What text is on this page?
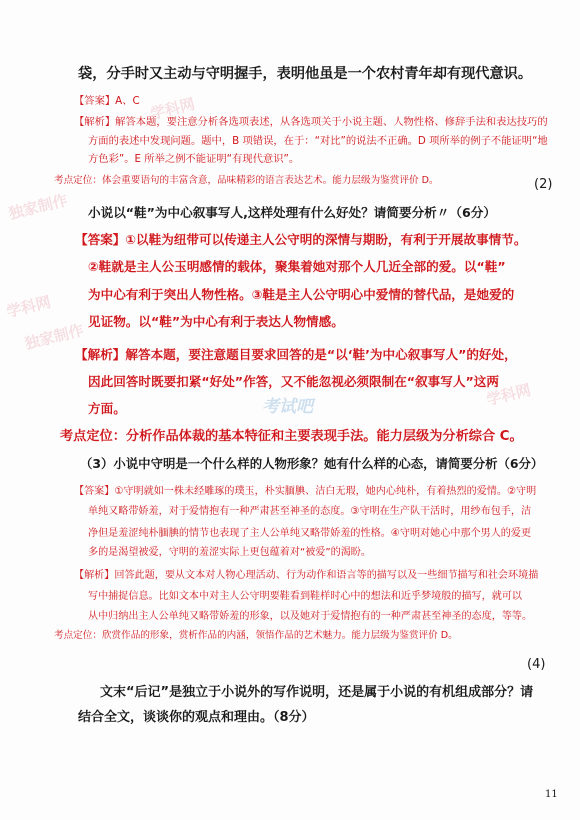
学科网
独家制作
学科网
独家制作
考试吧	学科网
袋，分手时又主动与守明握手，表明他虽是一个农村青年却有现代意识。
【答案】A、C
【解析】解答本题，要注意分析各选项表述，从各选项关于小说主题、人物性格、修辞手法和表达技巧的
方面的表述中发现问题。题中，B 项错误，在于：“对比”的说法不正确。D 项所举的例子不能证明“地
方色彩”。E 所举之例不能证明“有现代意识”。
考点定位：体会重要语句的丰富含意，品味精彩的语言表达艺术。能力层级为鉴赏评价 D。	(2)
小说以“鞋”为中心叙事写人,这样处理有什么好处？请简要分析〃（6分）
【答案】①以鞋为纽带可以传递主人公守明的深情与期盼，有利于开展故事情节。
②鞋就是主人公玉明感情的载体，聚集着她对那个人几近全部的爱。以“鞋”
为中心有利于突出人物性格。③鞋是主人公守明心中爱情的替代品，是她爱的
见证物。以“鞋”为中心有利于表达人物情感。
【解析】解答本题，要注意题目要求回答的是“以‘鞋’为中心叙事写人”的好处，
因此回答时既要扣紧“好处”作答，又不能忽视必须限制在“叙事写人”这两
方面。
考点定位：分析作品体裁的基本特征和主要表现手法。能力层级为分析综合 C。
（3）小说中守明是一个什么样的人物形象？她有什么样的心态，请简要分析（6分）
【答案】①守明就如一株未经雕琢的璞玉，朴实腼腆、洁白无瑕，她内心纯朴，有着热烈的爱情。②守明
单纯又略带娇羞，对于爱情抱有一种严肃甚至神圣的态度。③守明在生产队干活时，用纱布包手，洁
净但是羞涩纯朴腼腆的情节也表现了主人公单纯又略带娇羞的性格。④守明对她心中那个男人的爱更
多的是渴望被爱，守明的羞涩实际上更包蕴着对“被爱”的渴盼。
【解析】回答此题，要从文本对人物心理活动、行为动作和语言等的描写以及一些细节描写和社会环境描
写中捕捉信息。比如文本中对主人公守明要鞋看到鞋样时心中的想法和近乎梦境般的描写，就可以
从中归纳出主人公单纯又略带娇羞的形象，以及她对于爱情抱有的一种严肃甚至神圣的态度，等等。
考点定位：欣赏作品的形象，赏析作品的内涵，领悟作品的艺术魅力。能力层级为鉴赏评价 D。
(4)
文末“后记”是独立于小说外的写作说明，还是属于小说的有机组成部分？请
结合全文，谈谈你的观点和理由。（8分）
11
